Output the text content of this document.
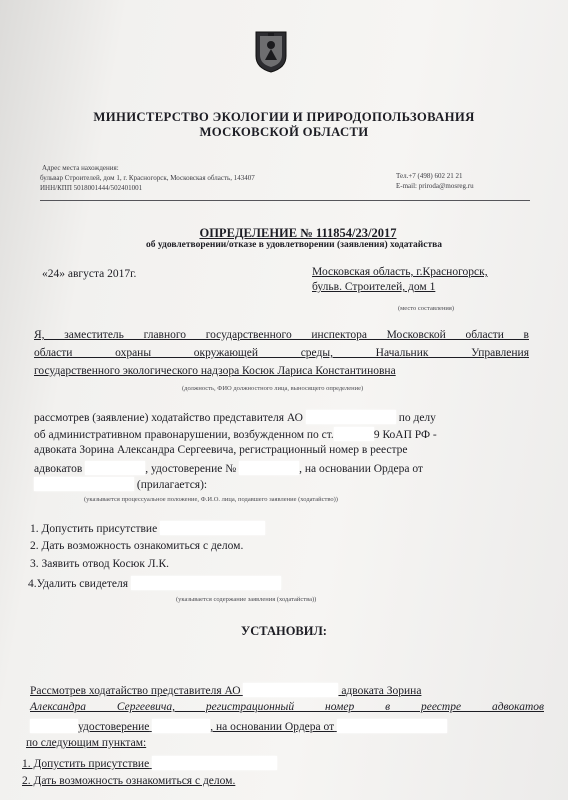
МИНИСТЕРСТВО ЭКОЛОГИИ И ПРИРОДОПОЛЬЗОВАНИЯ
МОСКОВСКОЙ ОБЛАСТИ
Адрес места нахождения:
бульвар Строителей, дом 1, г. Красногорск, Московская область, 143407
ИНН/КПП 5018001444/502401001
Тел.+7 (498) 602 21 21
E-mail: priroda@mosreg.ru
ОПРЕДЕЛЕНИЕ № 111854/23/2017
об удовлетворении/отказе в удовлетворении (заявления) ходатайства
«24» августа 2017г.	Московская область, г.Красногорск,
бульв. Строителей, дом 1
(место составления)
Я, заместитель главного государственного инспектора Московской области в
области охраны окружающей среды, Начальник Управления
государственного экологического надзора Косюк Лариса Константиновна
(должность, ФИО должностного лица, выносящего определение)
рассмотрев (заявление) ходатайство представителя АО	по делу
об административном правонарушении, возбужденном по ст.	9 КоАП РФ -
адвоката Зорина Александра Сергеевича, регистрационный номер в реестре
адвокатов	, удостоверение №	, на основании Ордера от
(прилагается):
(указывается процессуальное положение, Ф.И.О. лица, подавшего заявление (ходатайство))
1. Допустить присутствие
2. Дать возможность ознакомиться с делом.
3. Заявить отвод Косюк Л.К.
4.Удалить свидетеля
(указывается содержание заявления (ходатайства))
УСТАНОВИЛ:
Рассмотрев ходатайство представителя АО	адвоката Зорина
Александра Сергеевича, регистрационный номер в реестре адвокатов
удостоверение	, на основании Ордера от
по следующим пунктам:
1. Допустить присутствие
2. Дать возможность ознакомиться с делом.
